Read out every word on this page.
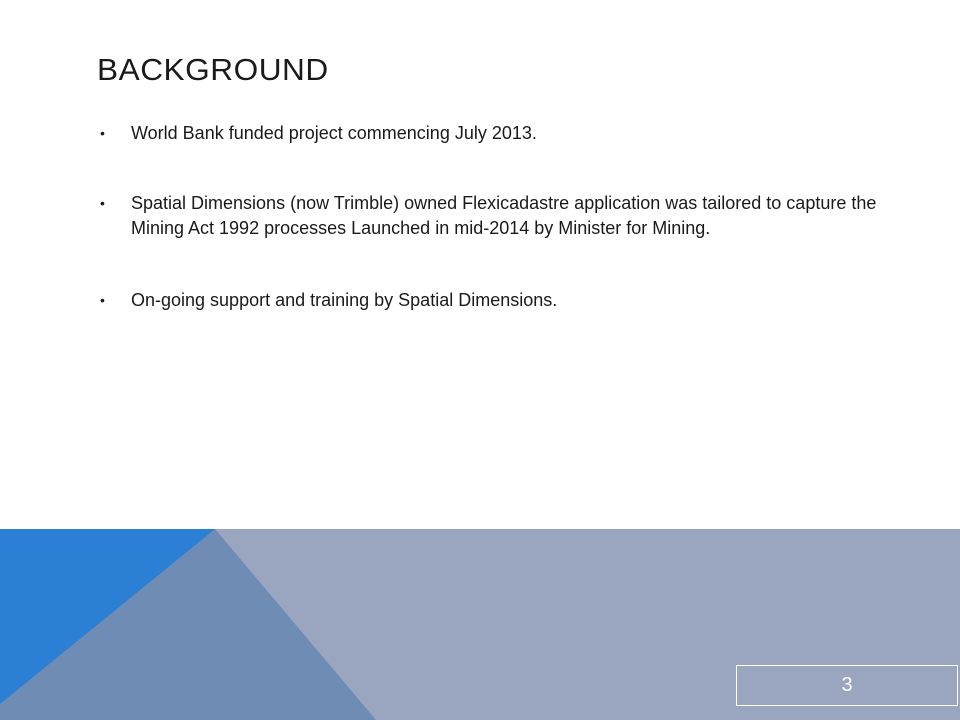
BACKGROUND
• World Bank funded project commencing July 2013.
• Spatial Dimensions (now Trimble) owned Flexicadastre application was tailored to capture the Mining Act 1992 processes Launched in mid-2014 by Minister for Mining.
• On-going support and training by Spatial Dimensions.
3
